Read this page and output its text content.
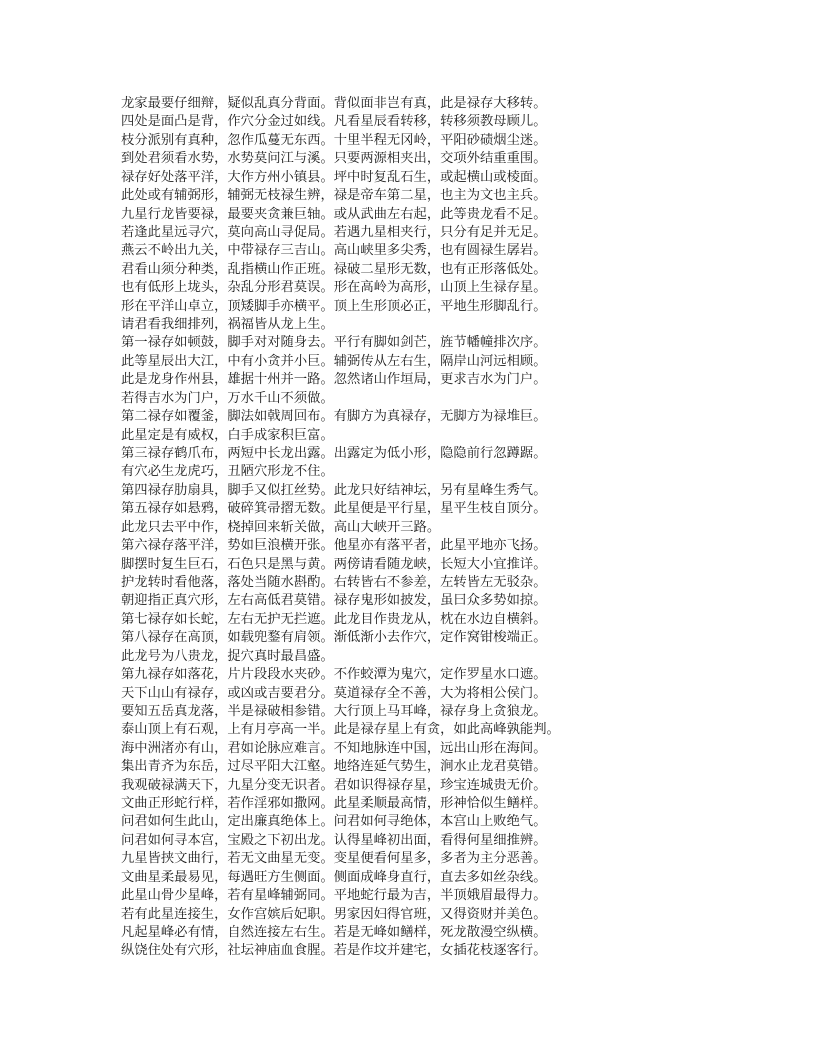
龙家最要仔细辩，疑似乱真分背面。背似面非岂有真，此是禄存大移转。
四处是面凸是背，作穴分金过如线。凡看星辰看转移，转移须教母顾儿。
枝分派别有真种，忽作瓜蔓无东西。十里半程无冈岭，平阳砂碛烟尘迷。
到处君须看水势，水势莫问江与溪。只要两源相夹出，交项外结重重围。
禄存好处落平洋，大作方州小镇县。坪中时复乱石生，或起横山或棱面。
此处或有辅弼形，辅弼无枝禄生辨，禄是帝车第二星，也主为文也主兵。
九星行龙皆要禄，最要夹贪兼巨轴。或从武曲左右起，此等贵龙看不足。
若逢此星远寻穴，莫向高山寻促局。若遇九星相夹行，只分有足并无足。
燕云不岭出九关，中带禄存三吉山。高山峡里多尖秀，也有圆禄生孱岩。
君看山须分种类，乱指横山作正班。禄破二星形无数，也有正形落低处。
也有低形上垅头，杂乱分形君莫误。形在高岭为高形，山顶上生禄存星。
形在平洋山卓立，顶矮脚手亦横平。顶上生形顶必正，平地生形脚乱行。
请君看我细排列，祸福皆从龙上生。
第一禄存如顿鼓，脚手对对随身去。平行有脚如剑芒，旌节幡幢排次序。
此等星辰出大江，中有小贪并小巨。辅弼传从左右生，隔岸山河远相顾。
此是龙身作州县，雄据十州并一路。忽然诸山作垣局，更求吉水为门户。
若得吉水为门户，万水千山不须做。
第二禄存如覆釜，脚法如戟周回布。有脚方为真禄存，无脚方为禄堆巨。
此星定是有威权，白手成家积巨富。
第三禄存鹤爪布，两短中长龙出露。出露定为低小形，隐隐前行忽蹲踞。
有穴必生龙虎巧，丑陋穴形龙不住。
第四禄存肋扇具，脚手又似扛丝势。此龙只好结神坛，另有星峰生秀气。
第五禄存如悬鸦，破碎箕帚摺无数。此星便是平行星，星平生枝自顶分。
此龙只去平中作，桡掉回来斩关做，高山大峡开三路。
第六禄存落平洋，势如巨浪横开张。他星亦有落平者，此星平地亦飞扬。
脚摆时复生巨石，石色只是黑与黄。两傍请看随龙峡，长短大小宜推详。
护龙转时看他落，落处当随水斟酌。右转皆右不参差，左转皆左无驳杂。
朝迎指正真穴形，左右高低君莫错。禄存鬼形如披发，虽曰众多势如掠。
第七禄存如长蛇，左右无护无拦遮。此龙目作贵龙从，枕在水边自横斜。
第八禄存在高顶，如载兜鍪有肩领。渐低渐小去作穴，定作窝钳梭端正。
此龙号为八贵龙，捉穴真时最昌盛。
第九禄存如落花，片片段段水夹砂。不作蛟潭为鬼穴，定作罗星水口遮。
天下山山有禄存，或凶或吉要君分。莫道禄存全不善，大为将相公侯门。
要知五岳真龙落，半是禄破相参错。大行顶上马耳峰，禄存身上贪狼龙。
泰山顶上有石观，上有月亭高一半。此是禄存星上有贪，如此高峰孰能判。
海中洲渚亦有山，君如论脉应难言。不知地脉连中国，远出山形在海间。
集出青齐为东岳，过尽平阳大江壑。地络连延气势生，涧水止龙君莫错。
我观破禄满天下，九星分变无识者。君如识得禄存星，珍宝连城贵无价。
文曲正形蛇行样，若作淫邪如撒网。此星柔顺最高情，形神恰似生鳝样。
问君如何生此山，定出廉真绝体上。问君如何寻绝体，本宫山上败绝气。
问君如何寻本宫，宝殿之下初出龙。认得星峰初出面，看得何星细推辨。
九星皆挟文曲行，若无文曲星无变。变星便看何星多，多者为主分恶善。
文曲星柔最易见，每遇旺方生侧面。侧面成峰身直行，直去多如丝杂线。
此星山骨少星峰，若有星峰辅弼同。平地蛇行最为吉，半顶娥眉最得力。
若有此星连接生，女作宫嫔后妃职。男家因妇得官班，又得资财并美色。
凡起星峰必有情，自然连接左右生。若是无峰如鳝样，死龙散漫空纵横。
纵饶住处有穴形，社坛神庙血食腥。若是作坟并建宅，女插花枝逐客行。
